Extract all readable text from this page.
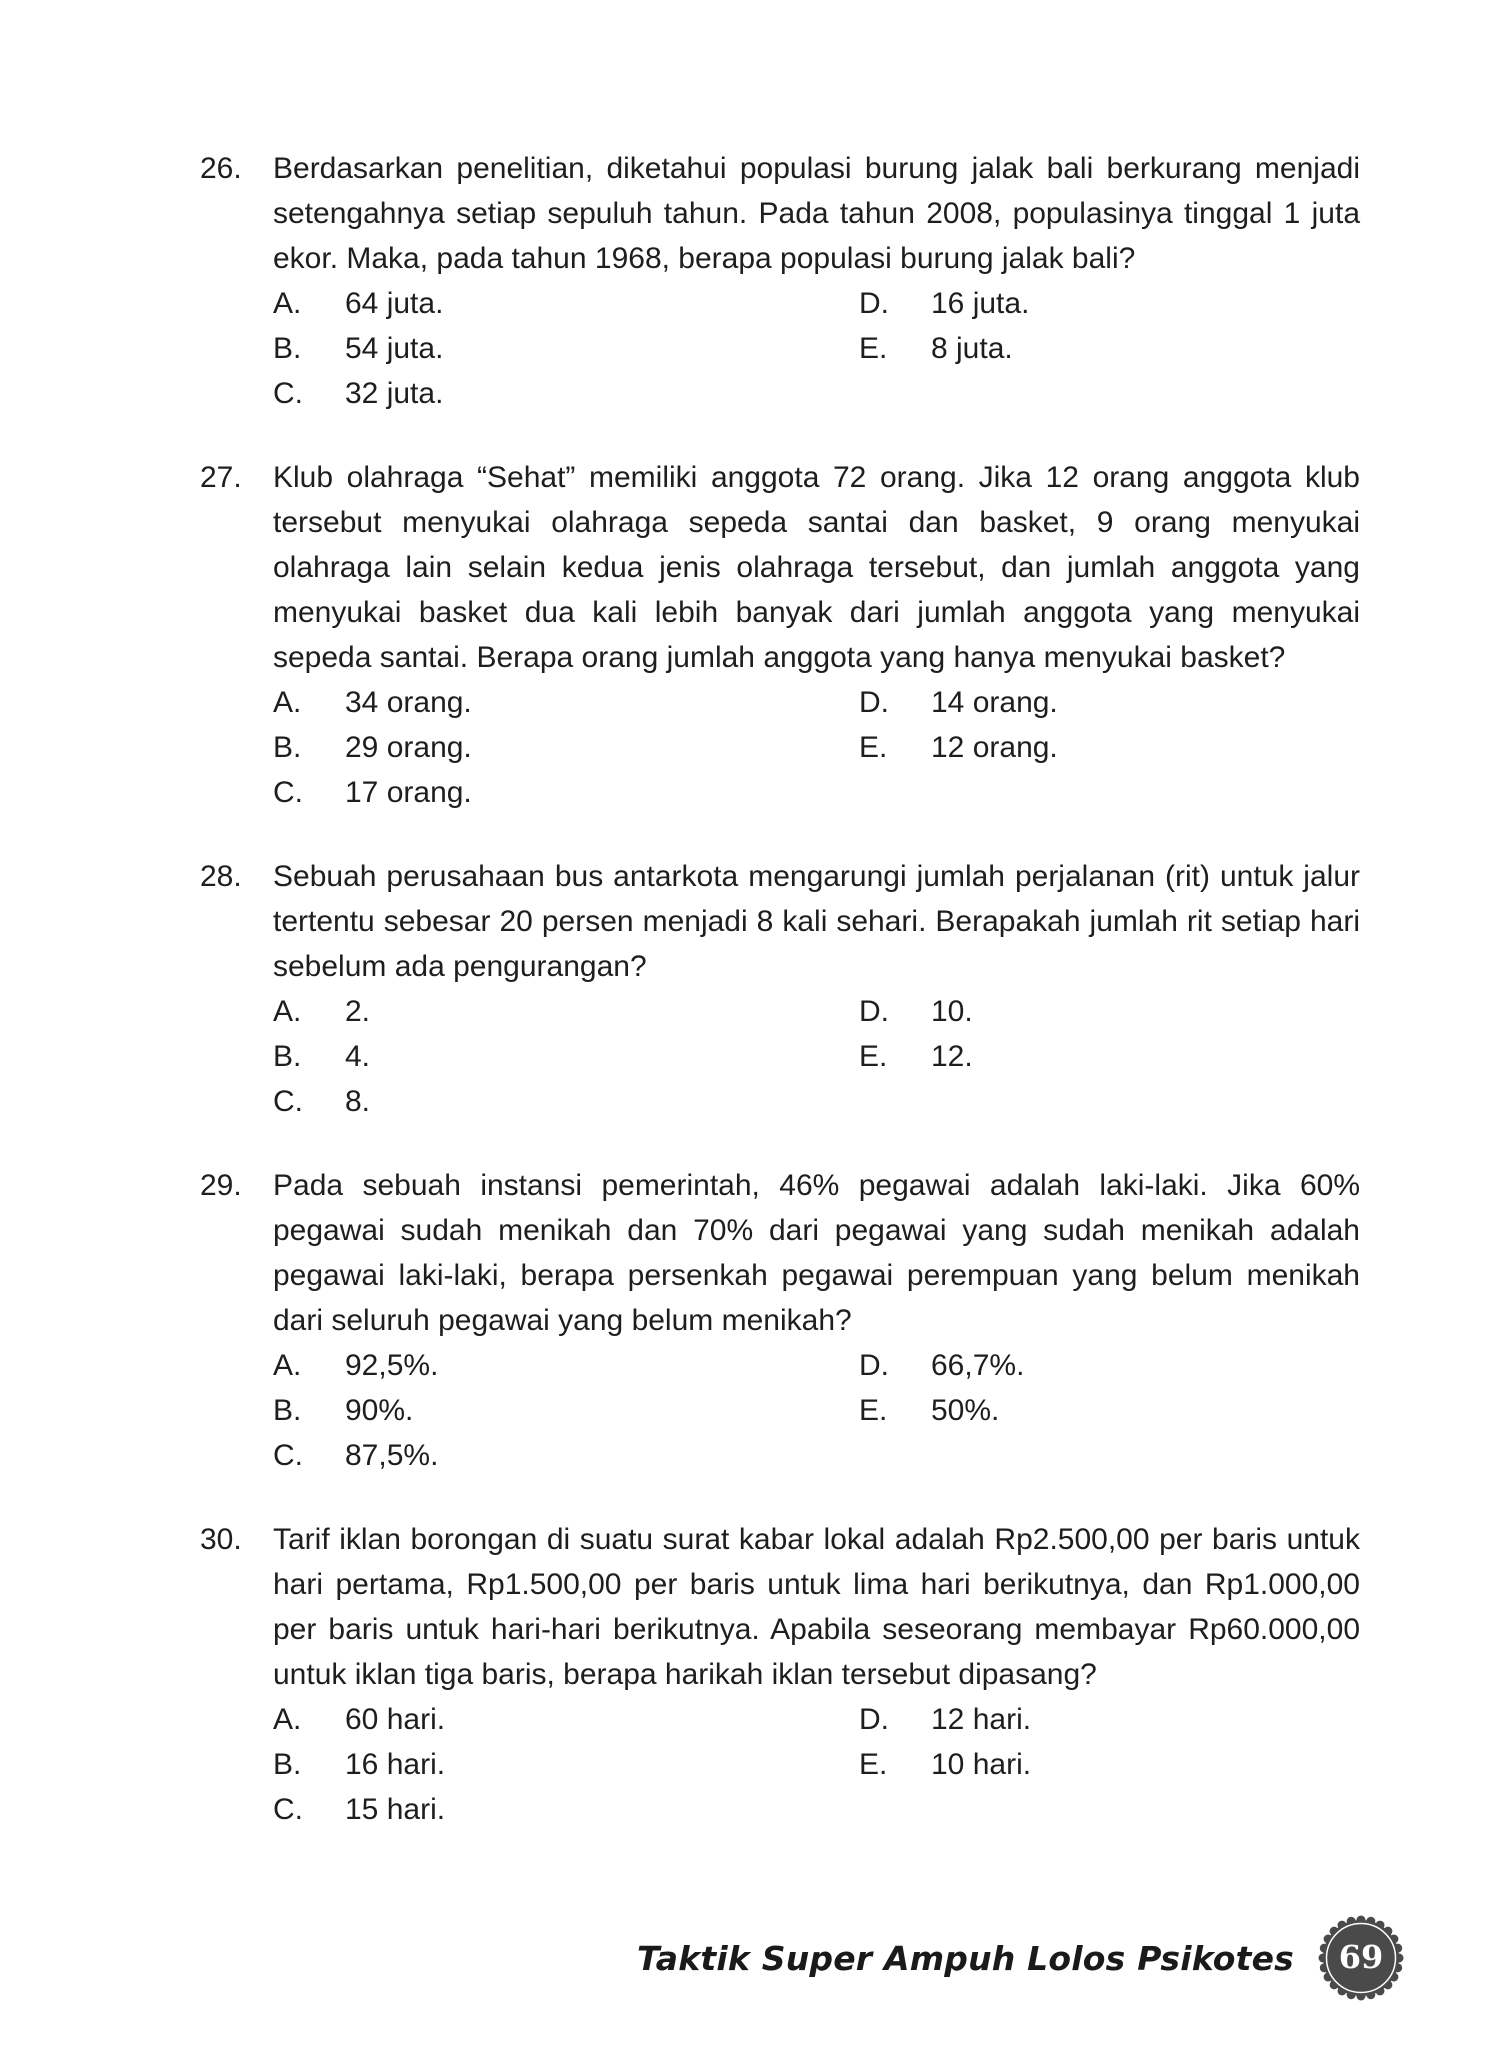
26. Berdasarkan penelitian, diketahui populasi burung jalak bali berkurang menjadi setengahnya setiap sepuluh tahun. Pada tahun 2008, populasinya tinggal 1 juta ekor. Maka, pada tahun 1968, berapa populasi burung jalak bali?
A. 64 juta.	D. 16 juta.
B. 54 juta.	E. 8 juta.
C. 32 juta.
27. Klub olahraga “Sehat” memiliki anggota 72 orang. Jika 12 orang anggota klub tersebut menyukai olahraga sepeda santai dan basket, 9 orang menyukai olahraga lain selain kedua jenis olahraga tersebut, dan jumlah anggota yang menyukai basket dua kali lebih banyak dari jumlah anggota yang menyukai sepeda santai. Berapa orang jumlah anggota yang hanya menyukai basket?
A. 34 orang.	D. 14 orang.
B. 29 orang.	E. 12 orang.
C. 17 orang.
28. Sebuah perusahaan bus antarkota mengarungi jumlah perjalanan (rit) untuk jalur tertentu sebesar 20 persen menjadi 8 kali sehari. Berapakah jumlah rit setiap hari sebelum ada pengurangan?
A. 2.	D. 10.
B. 4.	E. 12.
C. 8.
29. Pada sebuah instansi pemerintah, 46% pegawai adalah laki-laki. Jika 60% pegawai sudah menikah dan 70% dari pegawai yang sudah menikah adalah pegawai laki-laki, berapa persenkah pegawai perempuan yang belum menikah dari seluruh pegawai yang belum menikah?
A. 92,5%.	D. 66,7%.
B. 90%.	E. 50%.
C. 87,5%.
30. Tarif iklan borongan di suatu surat kabar lokal adalah Rp2.500,00 per baris untuk hari pertama, Rp1.500,00 per baris untuk lima hari berikutnya, dan Rp1.000,00 per baris untuk hari-hari berikutnya. Apabila seseorang membayar Rp60.000,00 untuk iklan tiga baris, berapa harikah iklan tersebut dipasang?
A. 60 hari.	D. 12 hari.
B. 16 hari.	E. 10 hari.
C. 15 hari.
Taktik Super Ampuh Lolos Psikotes	69
